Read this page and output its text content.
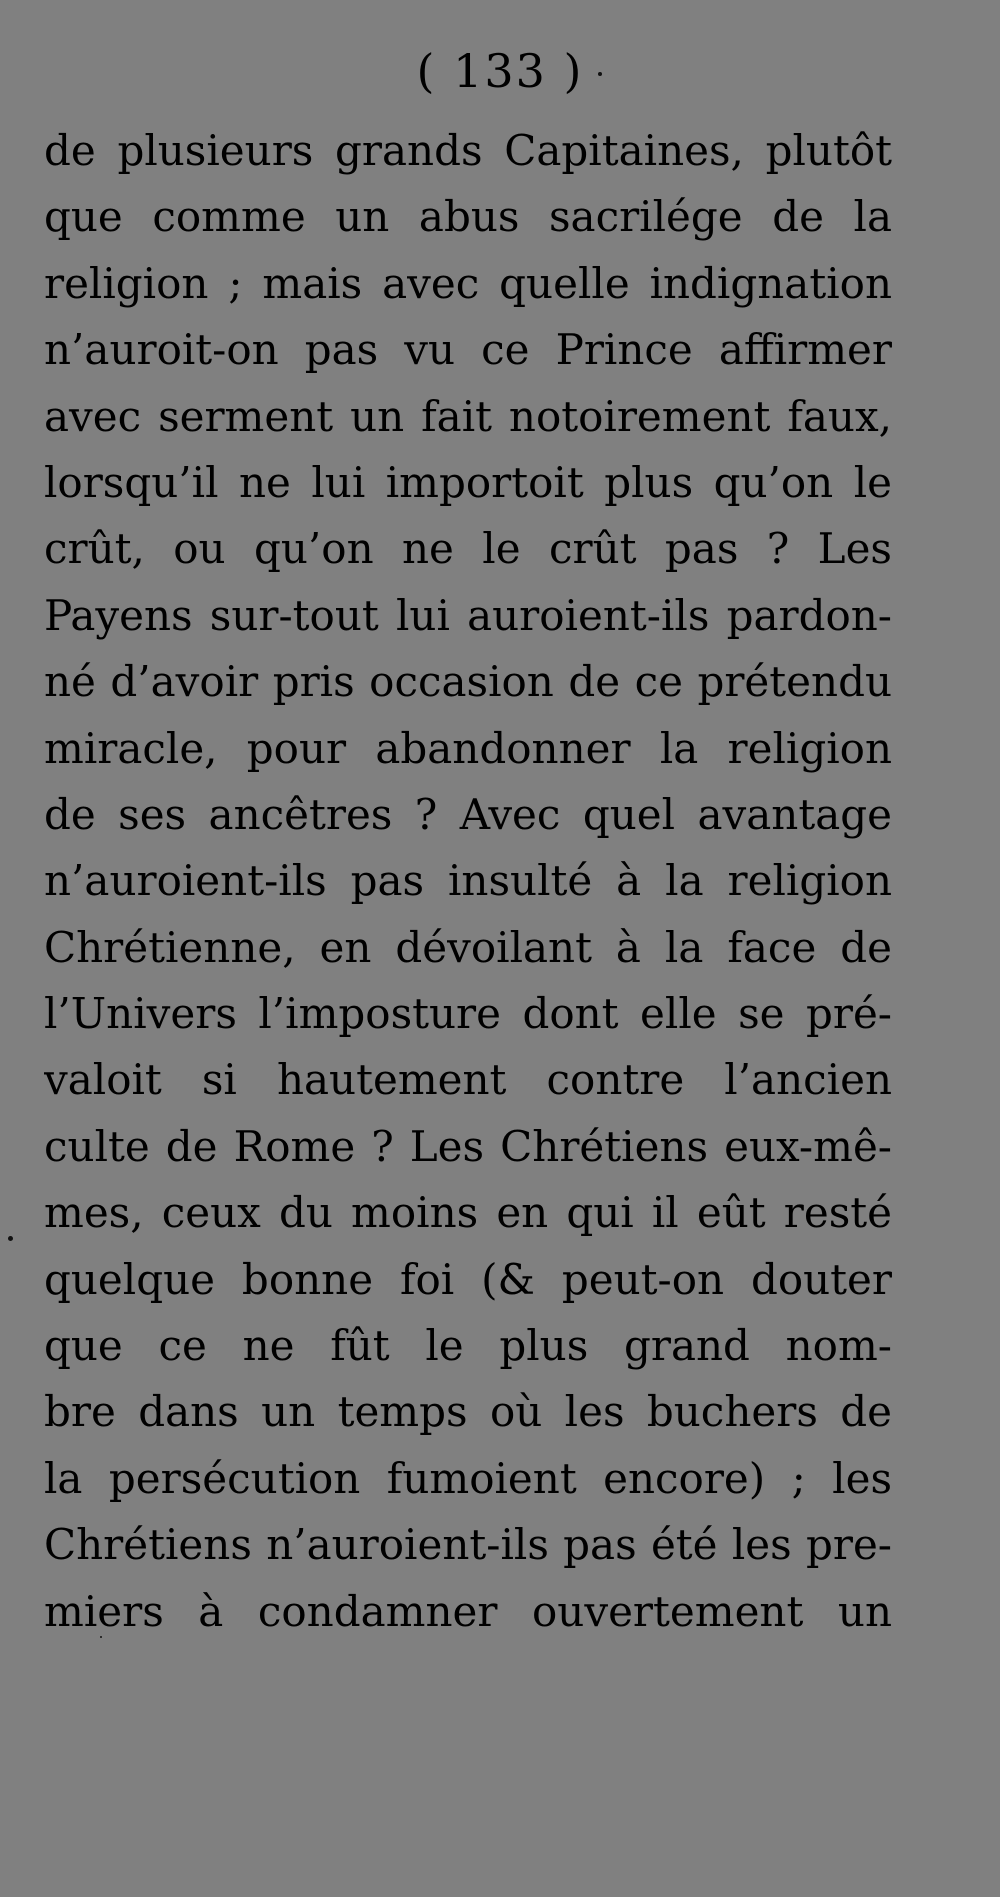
( 133 )
de plusieurs grands Capitaines, plutôt
que comme un abus sacrilége de la
religion ; mais avec quelle indignation
n’auroit-on pas vu ce Prince affirmer
avec serment un fait notoirement faux,
lorsqu’il ne lui importoit plus qu’on le
crût, ou qu’on ne le crût pas ? Les
Payens sur-tout lui auroient-ils pardon-
né d’avoir pris occasion de ce prétendu
miracle, pour abandonner la religion
de ses ancêtres ? Avec quel avantage
n’auroient-ils pas insulté à la religion
Chrétienne, en dévoilant à la face de
l’Univers l’imposture dont elle se pré-
valoit si hautement contre l’ancien
culte de Rome ? Les Chrétiens eux-mê-
mes, ceux du moins en qui il eût resté
quelque bonne foi (& peut-on douter
que ce ne fût le plus grand nom-
bre dans un temps où les buchers de
la persécution fumoient encore) ; les
Chrétiens n’auroient-ils pas été les pre-
miers à condamner ouvertement un
